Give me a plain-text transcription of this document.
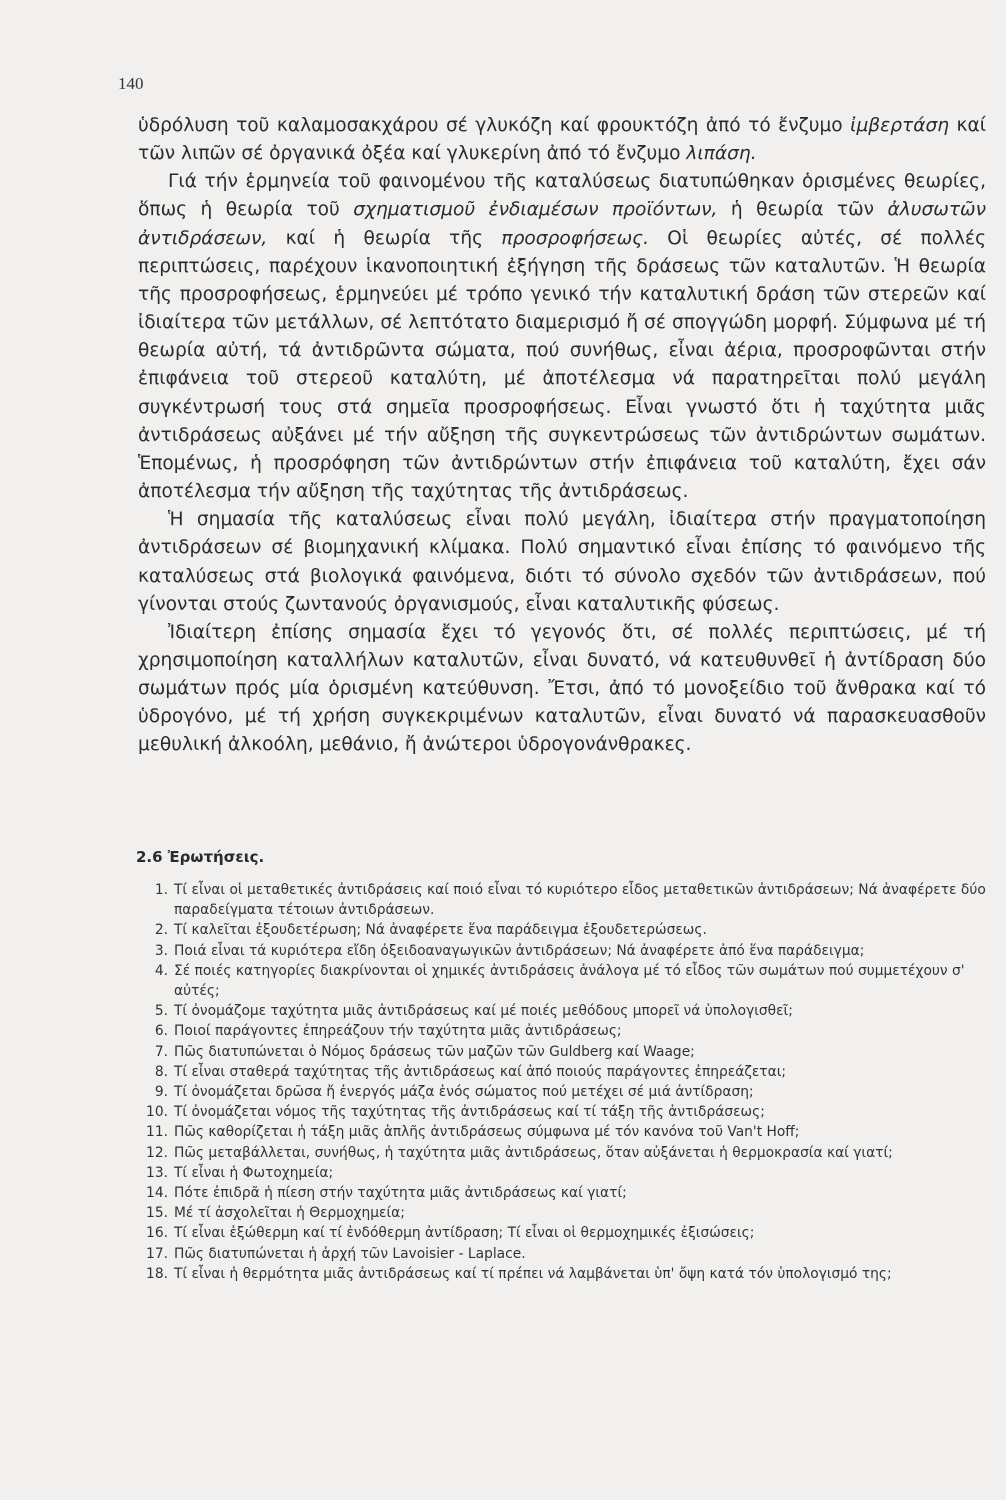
140

ὑδρόλυση τοῦ καλαμοσακχάρου σέ γλυκόζη καί φρουκτόζη ἀπό τό ἔνζυμο ἰμβερτάση καί τῶν λιπῶν σέ ὀργανικά ὀξέα καί γλυκερίνη ἀπό τό ἔνζυμο λιπάση.

Γιά τήν ἑρμηνεία τοῦ φαινομένου τῆς καταλύσεως διατυπώθηκαν ὁρισμένες θεωρίες, ὅπως ἡ θεωρία τοῦ σχηματισμοῦ ἐνδιαμέσων προϊόντων, ἡ θεωρία τῶν ἀλυσωτῶν ἀντιδράσεων, καί ἡ θεωρία τῆς προσροφήσεως. Οἱ θεωρίες αὐτές, σέ πολλές περιπτώσεις, παρέχουν ἱκανοποιητική ἐξήγηση τῆς δράσεως τῶν καταλυτῶν. Ἡ θεωρία τῆς προσροφήσεως, ἑρμηνεύει μέ τρόπο γενικό τήν καταλυτική δράση τῶν στερεῶν καί ἰδιαίτερα τῶν μετάλλων, σέ λεπτότατο διαμερισμό ἤ σέ σπογγώδη μορφή. Σύμφωνα μέ τή θεωρία αὐτή, τά ἀντιδρῶντα σώματα, πού συνήθως, εἶναι ἀέρια, προσροφῶνται στήν ἐπιφάνεια τοῦ στερεοῦ καταλύτη, μέ ἀποτέλεσμα νά παρατηρεῖται πολύ μεγάλη συγκέντρωσή τους στά σημεῖα προσροφήσεως. Εἶναι γνωστό ὅτι ἡ ταχύτητα μιᾶς ἀντιδράσεως αὐξάνει μέ τήν αὔξηση τῆς συγκεντρώσεως τῶν ἀντιδρώντων σωμάτων. Ἑπομένως, ἡ προσρόφηση τῶν ἀντιδρώντων στήν ἐπιφάνεια τοῦ καταλύτη, ἔχει σάν ἀποτέλεσμα τήν αὔξηση τῆς ταχύτητας τῆς ἀντιδράσεως.

Ἡ σημασία τῆς καταλύσεως εἶναι πολύ μεγάλη, ἰδιαίτερα στήν πραγματοποίηση ἀντιδράσεων σέ βιομηχανική κλίμακα. Πολύ σημαντικό εἶναι ἐπίσης τό φαινόμενο τῆς καταλύσεως στά βιολογικά φαινόμενα, διότι τό σύνολο σχεδόν τῶν ἀντιδράσεων, πού γίνονται στούς ζωντανούς ὀργανισμούς, εἶναι καταλυτικῆς φύσεως.

Ἰδιαίτερη ἐπίσης σημασία ἔχει τό γεγονός ὅτι, σέ πολλές περιπτώσεις, μέ τή χρησιμοποίηση καταλλήλων καταλυτῶν, εἶναι δυνατό, νά κατευθυνθεῖ ἡ ἀντίδραση δύο σωμάτων πρός μία ὁρισμένη κατεύθυνση. Ἔτσι, ἀπό τό μονοξείδιο τοῦ ἄνθρακα καί τό ὑδρογόνο, μέ τή χρήση συγκεκριμένων καταλυτῶν, εἶναι δυνατό νά παρασκευασθοῦν μεθυλική ἀλκοόλη, μεθάνιο, ἤ ἀνώτεροι ὑδρογονάνθρακες.

2.6 Ἐρωτήσεις.
1. Τί εἶναι οἱ μεταθετικές ἀντιδράσεις καί ποιό εἶναι τό κυριότερο εἶδος μεταθετικῶν ἀντιδράσεων; Νά ἀναφέρετε δύο παραδείγματα τέτοιων ἀντιδράσεων.
2. Τί καλεῖται ἐξουδετέρωση; Νά ἀναφέρετε ἕνα παράδειγμα ἐξουδετερώσεως.
3. Ποιά εἶναι τά κυριότερα εἴδη ὀξειδοαναγωγικῶν ἀντιδράσεων; Νά ἀναφέρετε ἀπό ἕνα παράδειγμα;
4. Σέ ποιές κατηγορίες διακρίνονται οἱ χημικές ἀντιδράσεις ἀνάλογα μέ τό εἶδος τῶν σωμάτων πού συμμετέχουν σ' αὐτές;
5. Τί ὀνομάζομε ταχύτητα μιᾶς ἀντιδράσεως καί μέ ποιές μεθόδους μπορεῖ νά ὑπολογισθεῖ;
6. Ποιοί παράγοντες ἐπηρεάζουν τήν ταχύτητα μιᾶς ἀντιδράσεως;
7. Πῶς διατυπώνεται ὁ Νόμος δράσεως τῶν μαζῶν τῶν Guldberg καί Waage;
8. Τί εἶναι σταθερά ταχύτητας τῆς ἀντιδράσεως καί ἀπό ποιούς παράγοντες ἐπηρεάζεται;
9. Τί ὀνομάζεται δρῶσα ἤ ἐνεργός μάζα ἑνός σώματος πού μετέχει σέ μιά ἀντίδραση;
10. Τί ὀνομάζεται νόμος τῆς ταχύτητας τῆς ἀντιδράσεως καί τί τάξη τῆς ἀντιδράσεως;
11. Πῶς καθορίζεται ἡ τάξη μιᾶς ἁπλῆς ἀντιδράσεως σύμφωνα μέ τόν κανόνα τοῦ Van't Hoff;
12. Πῶς μεταβάλλεται, συνήθως, ἡ ταχύτητα μιᾶς ἀντιδράσεως, ὅταν αὐξάνεται ἡ θερμοκρασία καί γιατί;
13. Τί εἶναι ἡ Φωτοχημεία;
14. Πότε ἐπιδρᾶ ἡ πίεση στήν ταχύτητα μιᾶς ἀντιδράσεως καί γιατί;
15. Μέ τί ἀσχολεῖται ἡ Θερμοχημεία;
16. Τί εἶναι ἐξώθερμη καί τί ἐνδόθερμη ἀντίδραση; Τί εἶναι οἱ θερμοχημικές ἐξισώσεις;
17. Πῶς διατυπώνεται ἡ ἀρχή τῶν Lavoisier - Laplace.
18. Τί εἶναι ἡ θερμότητα μιᾶς ἀντιδράσεως καί τί πρέπει νά λαμβάνεται ὑπ' ὄψη κατά τόν ὑπολογισμό της;
